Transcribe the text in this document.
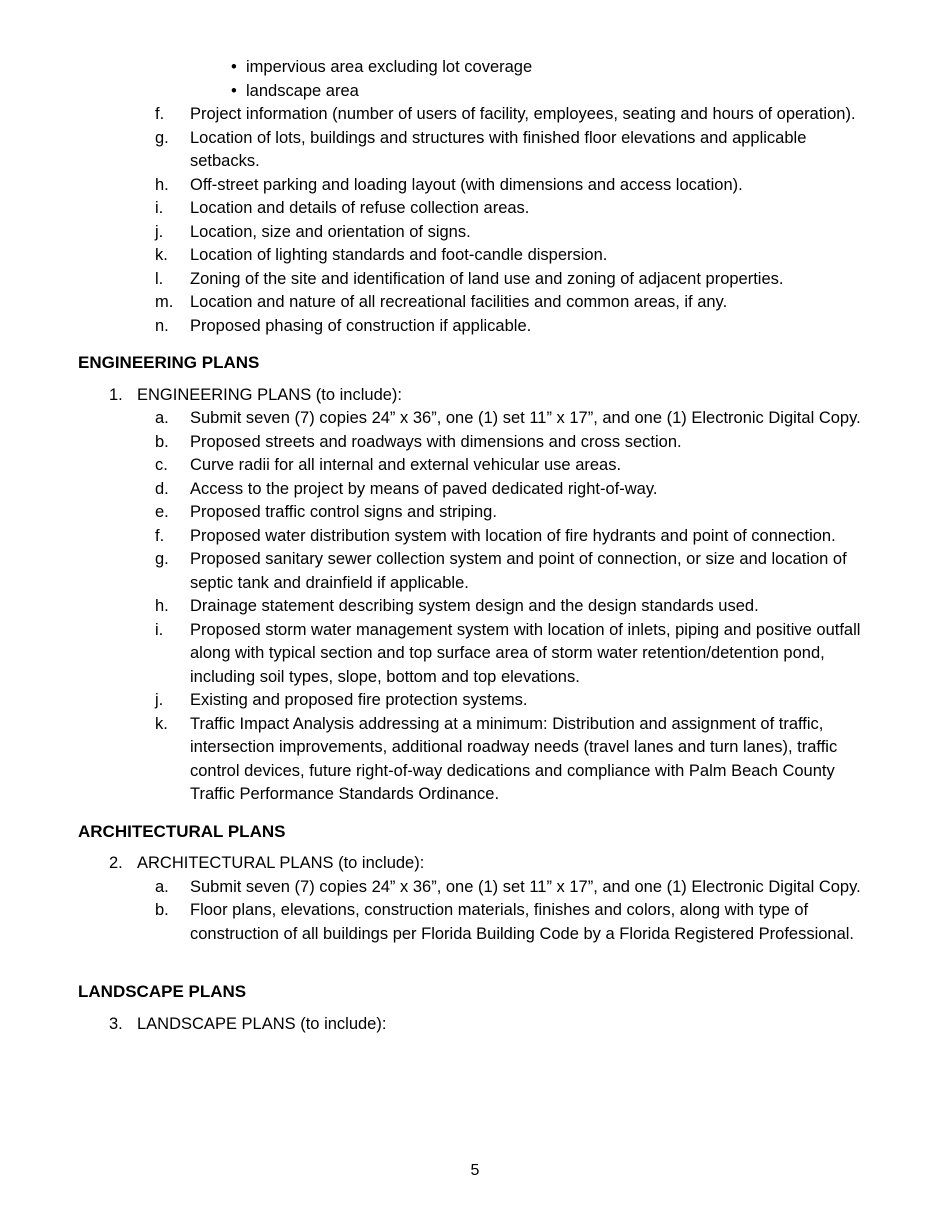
• impervious area excluding lot coverage
• landscape area
f.	Project information (number of users of facility, employees, seating and hours of operation).
g.	Location of lots, buildings and structures with finished floor elevations and applicable setbacks.
h.	Off-street parking and loading layout (with dimensions and access location).
i.	Location and details of refuse collection areas.
j.	Location, size and orientation of signs.
k.	Location of lighting standards and foot-candle dispersion.
l.	Zoning of the site and identification of land use and zoning of adjacent properties.
m.	Location and nature of all recreational facilities and common areas, if any.
n.	Proposed phasing of construction if applicable.
ENGINEERING PLANS
1. ENGINEERING PLANS (to include):
a.	Submit seven (7) copies 24” x 36”, one (1) set 11” x 17”, and one (1) Electronic Digital Copy.
b.	Proposed streets and roadways with dimensions and cross section.
c.	Curve radii for all internal and external vehicular use areas.
d.	Access to the project by means of paved dedicated right-of-way.
e.	Proposed traffic control signs and striping.
f.	Proposed water distribution system with location of fire hydrants and point of connection.
g.	Proposed sanitary sewer collection system and point of connection, or size and location of septic tank and drainfield if applicable.
h.	Drainage statement describing system design and the design standards used.
i.	Proposed storm water management system with location of inlets, piping and positive outfall along with typical section and top surface area of storm water retention/detention pond, including soil types, slope, bottom and top elevations.
j.	Existing and proposed fire protection systems.
k.	Traffic Impact Analysis addressing at a minimum: Distribution and assignment of traffic, intersection improvements, additional roadway needs (travel lanes and turn lanes), traffic control devices, future right-of-way dedications and compliance with Palm Beach County Traffic Performance Standards Ordinance.
ARCHITECTURAL PLANS
2. ARCHITECTURAL PLANS (to include):
a.	Submit seven (7) copies 24” x 36”, one (1) set 11” x 17”, and one (1) Electronic Digital Copy.
b.	Floor plans, elevations, construction materials, finishes and colors, along with type of construction of all buildings per Florida Building Code by a Florida Registered Professional.
LANDSCAPE PLANS
3. LANDSCAPE PLANS (to include):
5
